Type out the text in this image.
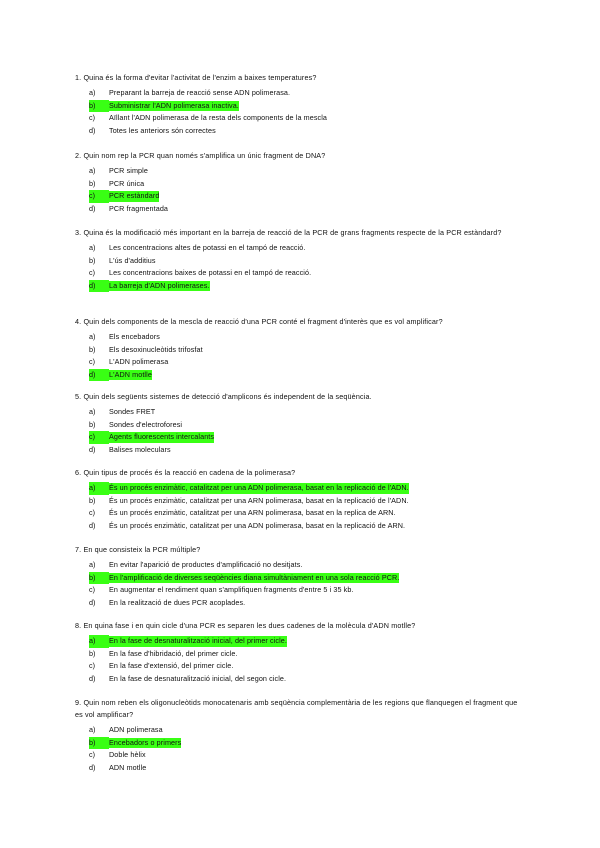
1. Quina és la forma d'evitar l'activitat de l'enzim a baixes temperatures?

a)	Preparant la barreja de reacció sense ADN polimerasa.
b)	Subministrar l'ADN polimerasa inactiva.
c)	Aïllant l'ADN polimerasa de la resta dels components de la mescla
d)	Totes les anteriors són correctes

2. Quin nom rep la PCR quan només s'amplifica un únic fragment de DNA?

a)	PCR simple
b)	PCR única
c)	PCR estàndard
d)	PCR fragmentada

3. Quina és la modificació més important en la barreja de reacció de la PCR de grans fragments respecte de la PCR estàndard?

a)	Les concentracions altes de potassi en el tampó de reacció.
b)	L'ús d'additius
c)	Les concentracions baixes de potassi en el tampó de reacció.
d)	La barreja d'ADN polimerases.

4. Quin dels components de la mescla de reacció d'una PCR conté el fragment d'interès que es vol amplificar?

a)	Els encebadors
b)	Els desoxinucleòtids trifosfat
c)	L'ADN polimerasa
d)	L'ADN motlle

5. Quin dels següents sistemes de detecció d'amplicons és independent de la seqüència.

a)	Sondes FRET
b)	Sondes d'electroforesi
c)	Agents fluorescents intercalants
d)	Balises moleculars

6. Quin tipus de procés és la reacció en cadena de la polimerasa?

a)	És un procés enzimàtic, catalitzat per una ADN polimerasa, basat en la replicació de l'ADN.
b)	És un procés enzimàtic, catalitzat per una ARN polimerasa, basat en la replicació de l'ADN.
c)	És un procés enzimàtic, catalitzat per una ARN polimerasa, basat en la replica de ARN.
d)	És un procés enzimàtic, catalitzat per una ADN polimerasa, basat en la replicació de ARN.

7. En que consisteix la PCR múltiple?

a)	En evitar l'aparició de productes d'amplificació no desitjats.
b)	En l'amplificació de diverses seqüències diana simultàniament en una sola reacció PCR.
c)	En augmentar el rendiment quan s'amplifiquen fragments d'entre 5 i 35 kb.
d)	En la realització de dues PCR acoplades.

8. En quina fase i en quin cicle d'una PCR es separen les dues cadenes de la molècula d'ADN motlle?

a)	En la fase de desnaturalització inicial, del primer cicle.
b)	En la fase d'hibridació, del primer cicle.
c)	En la fase d'extensió, del primer cicle.
d)	En la fase de desnaturalització inicial, del segon cicle.

9. Quin nom reben els oligonucleòtids monocatenaris amb seqüència complementària de les regions que flanquegen el fragment que es vol amplificar?

a)	ADN polimerasa
b)	Encebadors o primers
c)	Doble hèlix
d)	ADN motlle
